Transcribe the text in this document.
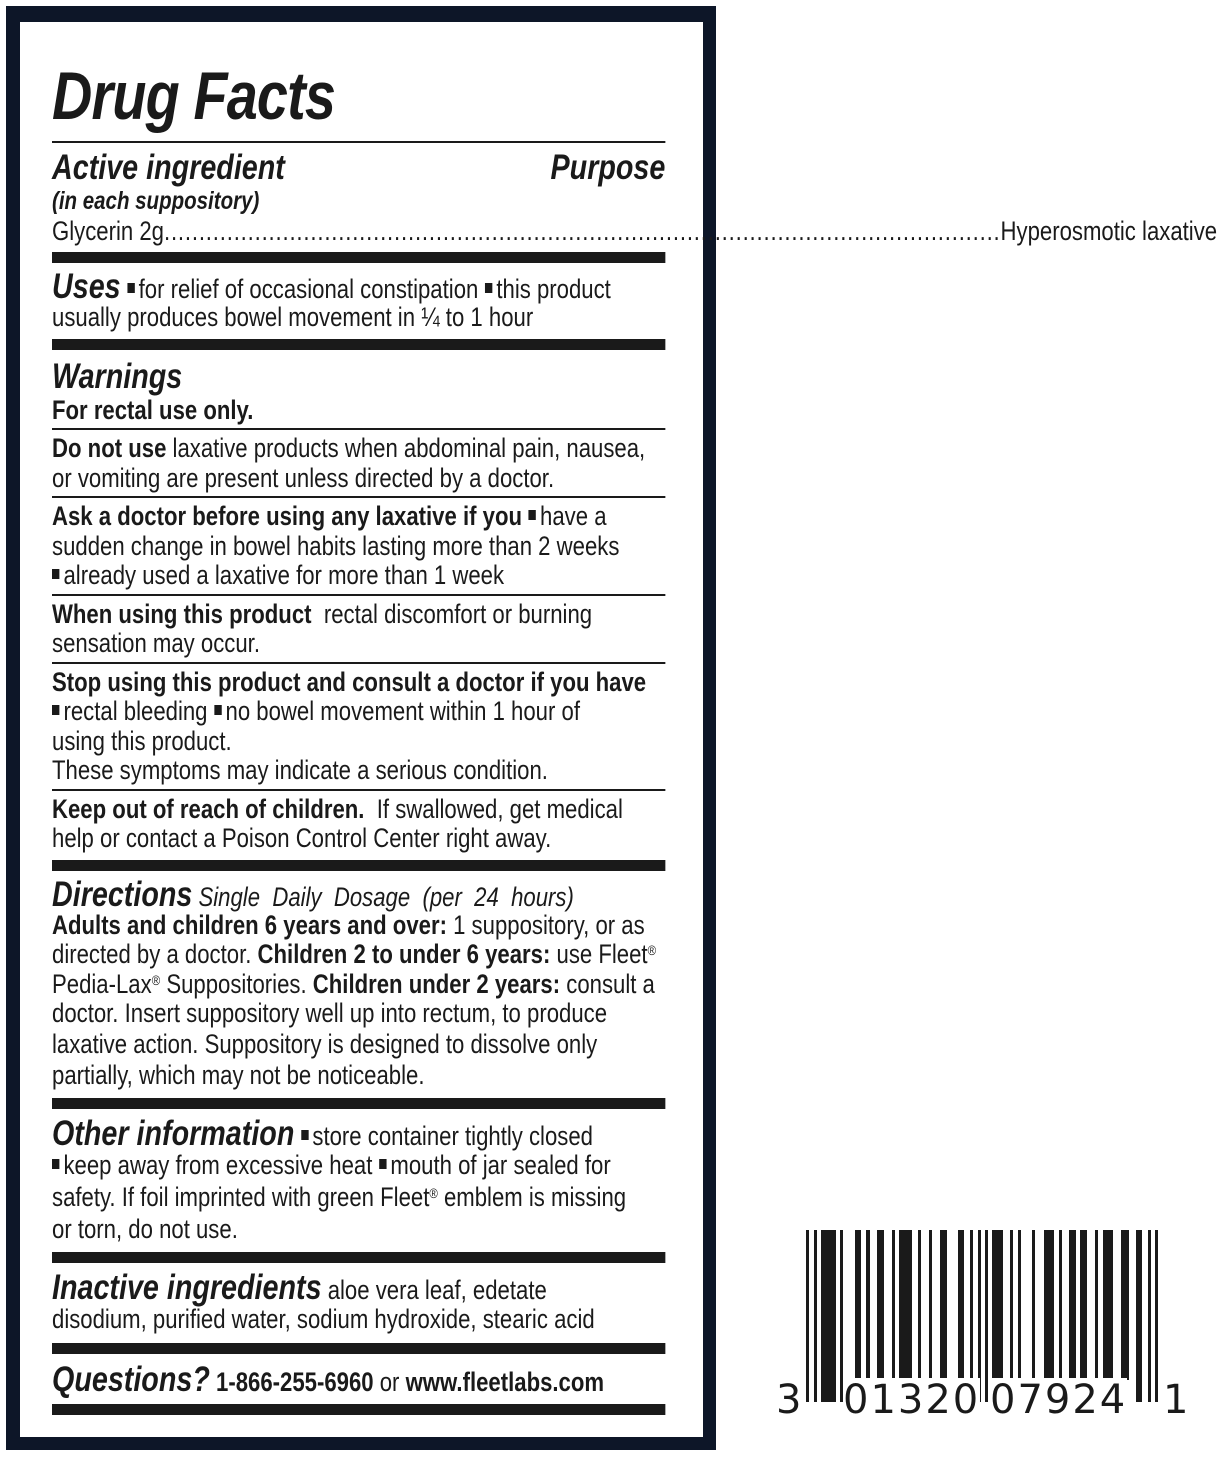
Drug Facts
Active ingredient	Purpose
(in each suppository)
Glycerin 2g .....	Hyperosmotic laxative
Uses for relief of occasional constipation this product
usually produces bowel movement in ¼ to 1 hour
Warnings
For rectal use only.
Do not use laxative products when abdominal pain, nausea,
or vomiting are present unless directed by a doctor.
Ask a doctor before using any laxative if you have a
sudden change in bowel habits lasting more than 2 weeks
already used a laxative for more than 1 week
When using this product  rectal discomfort or burning
sensation may occur.
Stop using this product and consult a doctor if you have
rectal bleeding no bowel movement within 1 hour of
using this product.
These symptoms may indicate a serious condition.
Keep out of reach of children.  If swallowed, get medical
help or contact a Poison Control Center right away.
Directions Single  Daily  Dosage  (per  24  hours)
Adults and children 6 years and over: 1 suppository, or as
directed by a doctor. Children 2 to under 6 years: use Fleet®
Pedia-Lax® Suppositories. Children under 2 years: consult a
doctor. Insert suppository well up into rectum, to produce
laxative action. Suppository is designed to dissolve only
partially, which may not be noticeable.
Other information store container tightly closed
keep away from excessive heat mouth of jar sealed for
safety. If foil imprinted with green Fleet® emblem is missing
or torn, do not use.
Inactive ingredients aloe vera leaf, edetate
disodium, purified water, sodium hydroxide, stearic acid
Questions? 1-866-255-6960 or www.fleetlabs.com	3 01320 07924 1
